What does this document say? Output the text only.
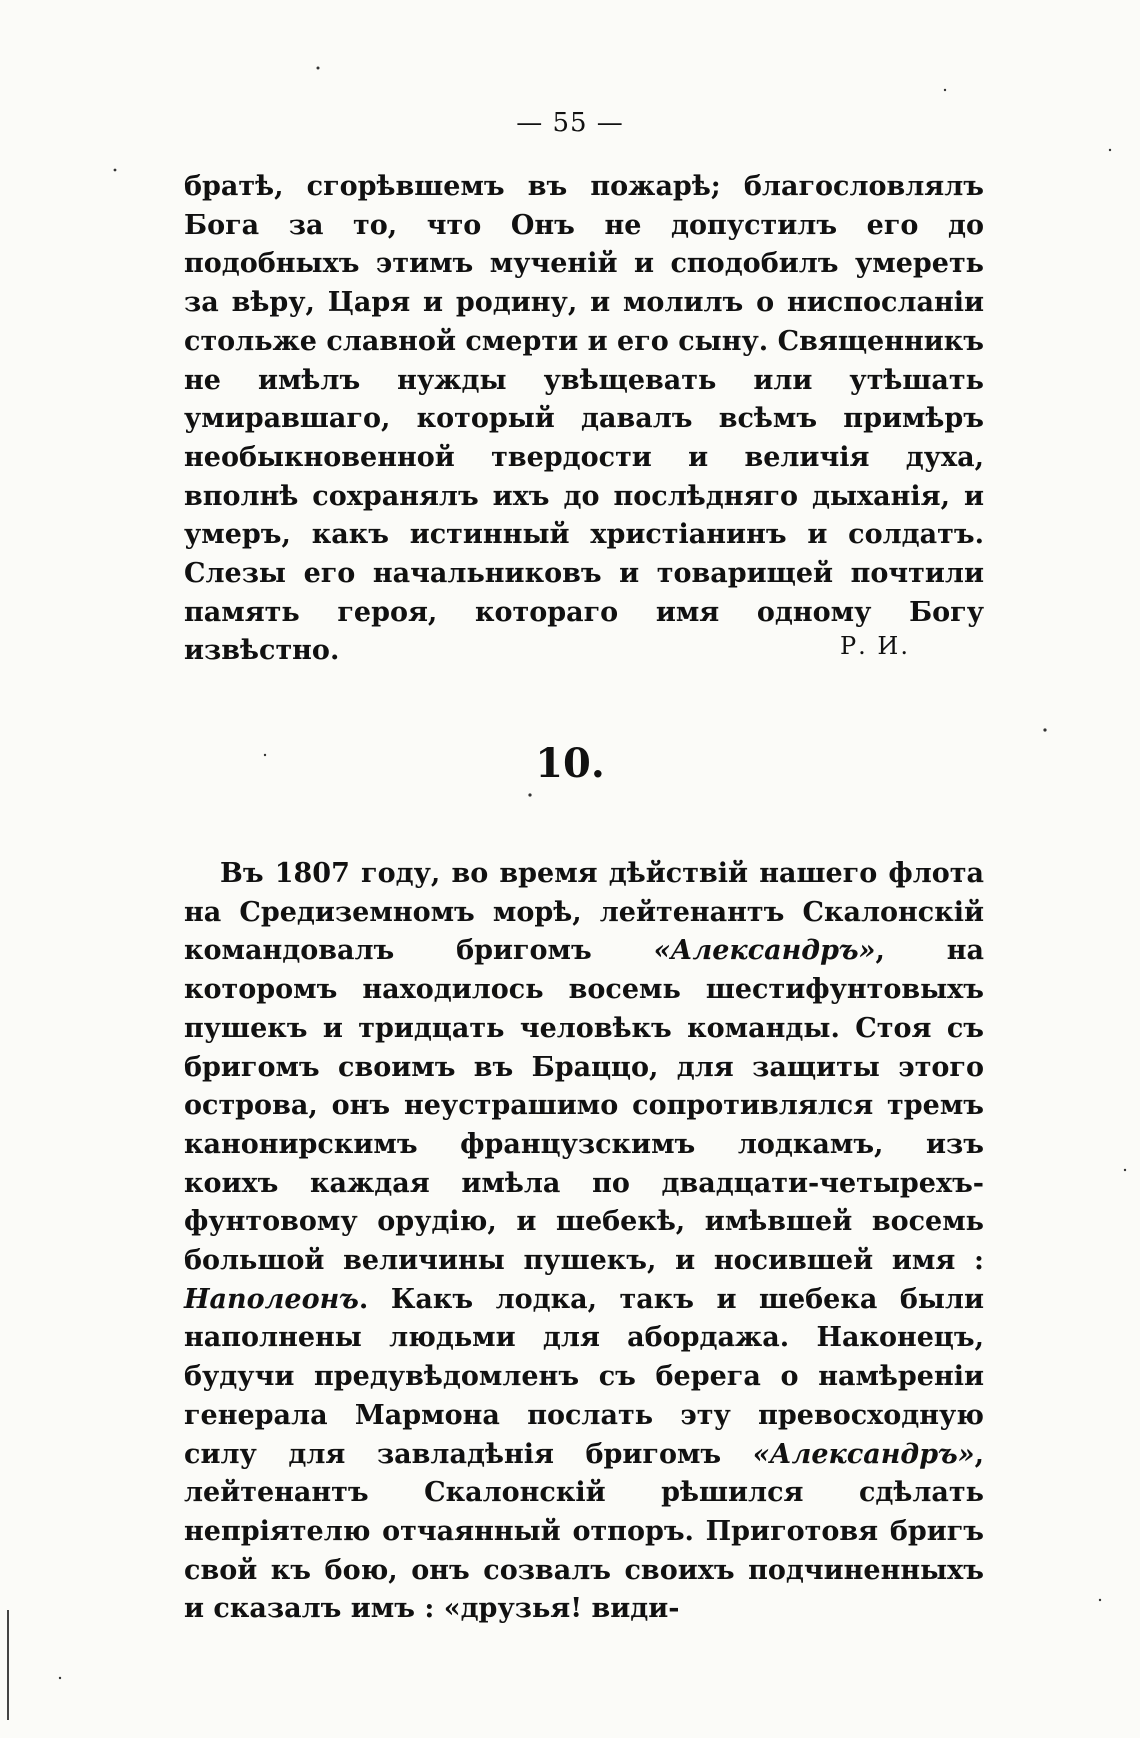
— 55 —

братѣ, сгорѣвшемъ въ пожарѣ; благословлялъ Бога за то, что Онъ не допустилъ его до подобныхъ этимъ мученій и сподобилъ умереть за вѣру, Царя и родину, и молилъ о ниспосланіи стольже славной смерти и его сыну. Священникъ не имѣлъ нужды увѣщевать или утѣшать умиравшаго, который давалъ всѣмъ примѣръ необыкновенной твердости и величія духа, вполнѣ сохранялъ ихъ до послѣдняго дыханія, и умеръ, какъ истинный христіанинъ и солдатъ. Слезы его начальниковъ и товарищей почтили память героя, котораго имя одному Богу извѣстно.	Р. И.
10.

Въ 1807 году, во время дѣйствій нашего флота на Средиземномъ морѣ, лейтенантъ Скалонскій командовалъ бригомъ «Александръ», на которомъ находилось восемь шестифунтовыхъ пушекъ и тридцать человѣкъ команды. Стоя съ бригомъ своимъ въ Браццо, для защиты этого острова, онъ неустрашимо сопротивлялся тремъ канонирскимъ французскимъ лодкамъ, изъ коихъ каждая имѣла по двадцати-четырехъ-фунтовому орудію, и шебекѣ, имѣвшей восемь большой величины пушекъ, и носившей имя : Наполеонъ. Какъ лодка, такъ и шебека были наполнены людьми для абордажа. Наконецъ, будучи предувѣдомленъ съ берега о намѣреніи генерала Мармона послать эту превосходную силу для завладѣнія бригомъ «Александръ», лейтенантъ Скалонскій рѣшился сдѣлать непріятелю отчаянный отпоръ. Приготовя бригъ свой къ бою, онъ созвалъ своихъ подчиненныхъ и сказалъ имъ : «друзья! види-
